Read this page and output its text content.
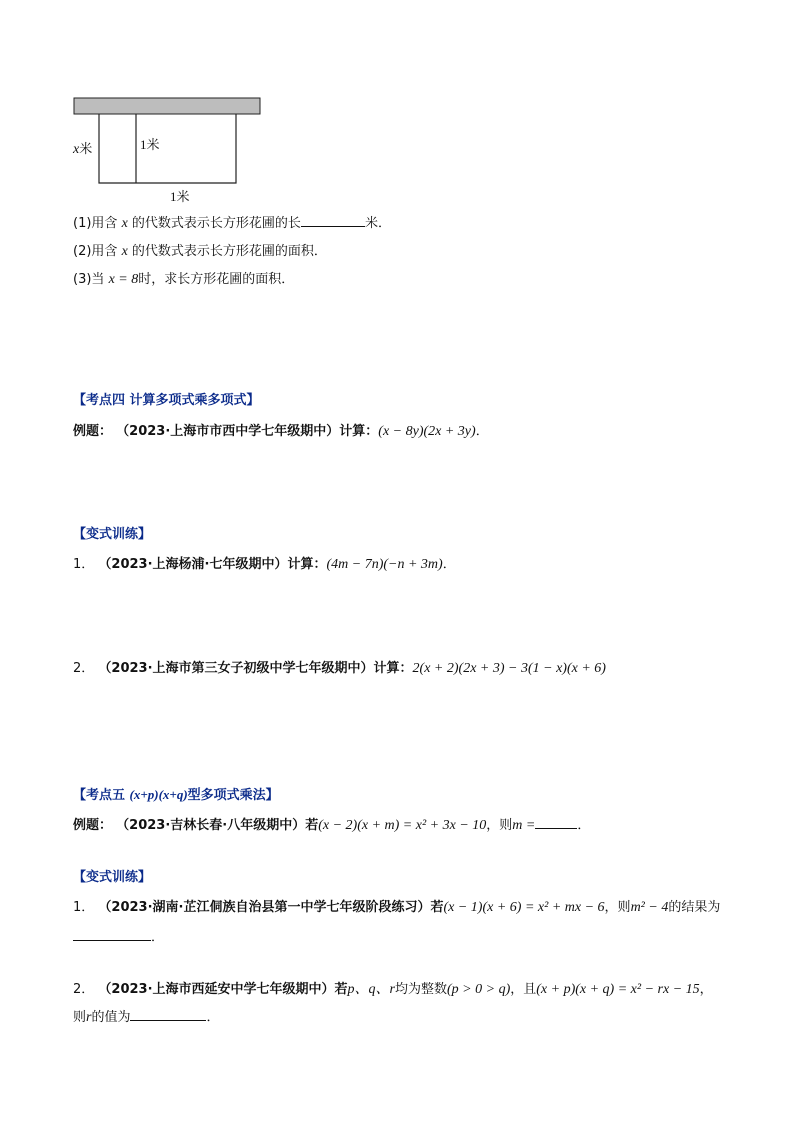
x米	1米
1米
(1)用含 x 的代数式表示长方形花圃的长	米．
(2)用含 x 的代数式表示长方形花圃的面积．
(3)当 x = 8时，求长方形花圃的面积．
【考点四 计算多项式乘多项式】
例题： （2023·上海市市西中学七年级期中）计算：(x − 8y)(2x + 3y)．
【变式训练】
1． （2023·上海杨浦·七年级期中）计算：(4m − 7n)(−n + 3m)．
2． （2023·上海市第三女子初级中学七年级期中）计算：2(x + 2)(2x + 3) − 3(1 − x)(x + 6)
【考点五 (x+p)(x+q)型多项式乘法】
例题： （2023·吉林长春·八年级期中）若(x − 2)(x + m) = x² + 3x − 10，则m =	．
【变式训练】
1． （2023·湖南·芷江侗族自治县第一中学七年级阶段练习）若(x − 1)(x + 6) = x² + mx − 6，则m² − 4的结果为
．
2． （2023·上海市西延安中学七年级期中）若p、q、r均为整数(p > 0 > q)，且(x + p)(x + q) = x² − rx − 15，
则r的值为	．
